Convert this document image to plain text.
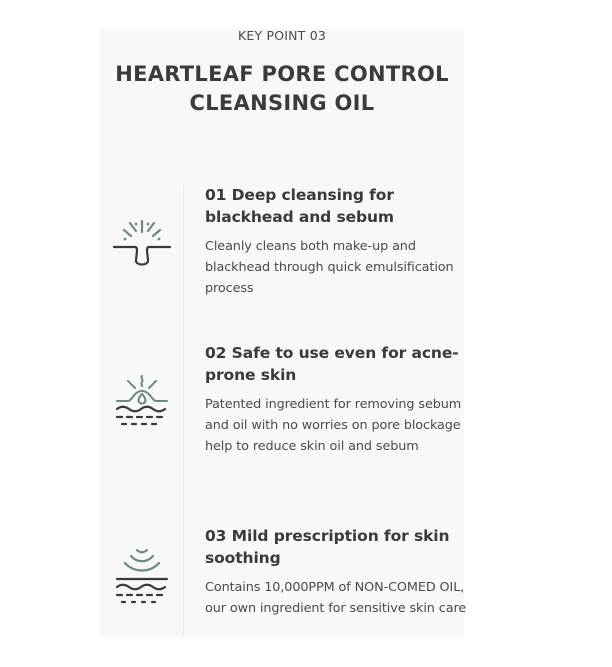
KEY POINT 03
HEARTLEAF PORE CONTROL
CLEANSING OIL

01 Deep cleansing for blackhead and sebum

Cleanly cleans both make-up and blackhead through quick emulsification process

02 Safe to use even for acne-prone skin

Patented ingredient for removing sebum and oil with no worries on pore blockage help to reduce skin oil and sebum

03 Mild prescription for skin soothing

Contains 10,000PPM of NON-COMED OIL, our own ingredient for sensitive skin care
